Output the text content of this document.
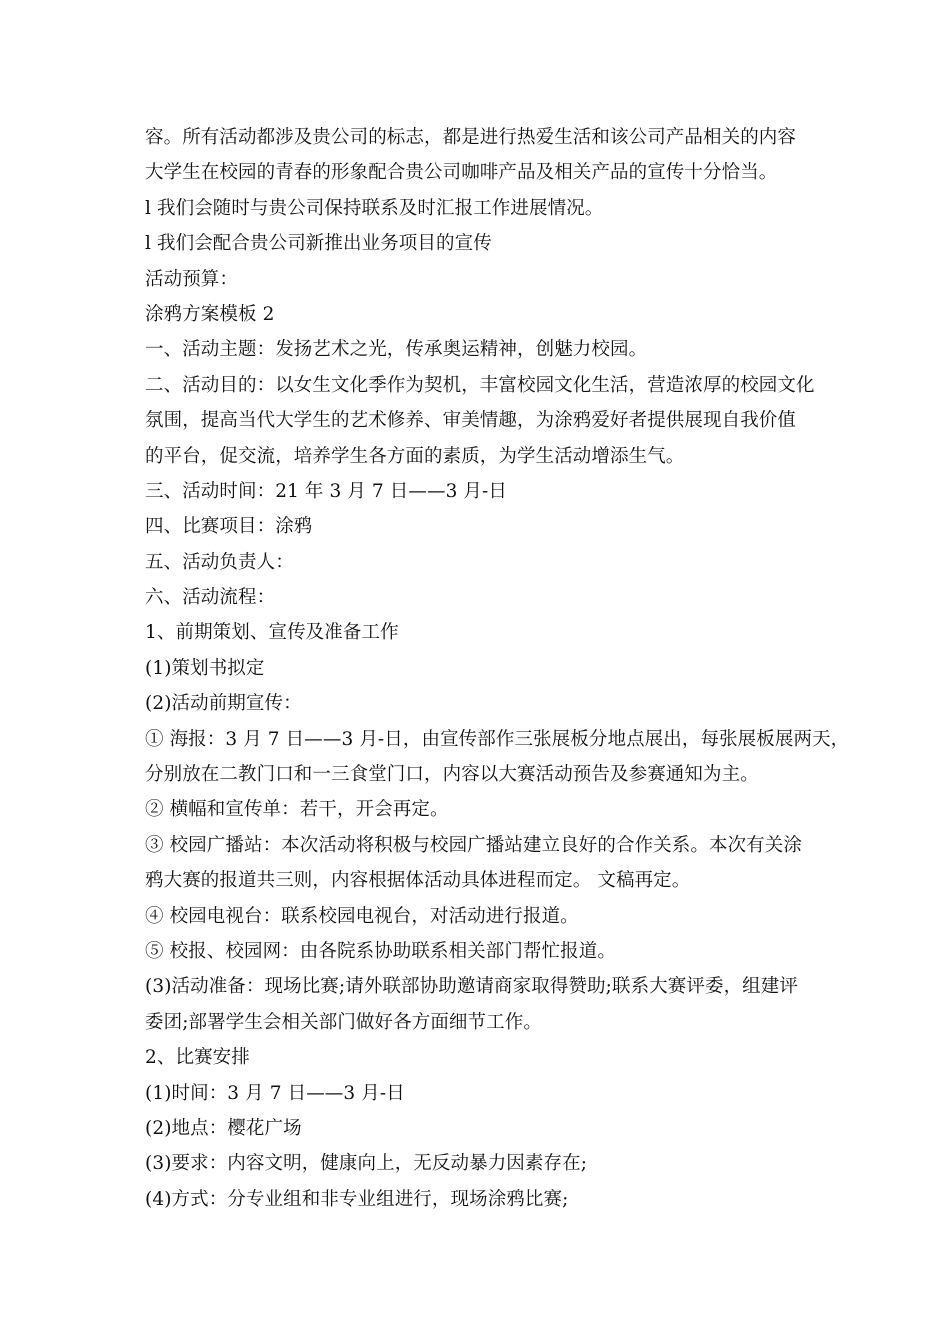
容。所有活动都涉及贵公司的标志，都是进行热爱生活和该公司产品相关的内容
大学生在校园的青春的形象配合贵公司咖啡产品及相关产品的宣传十分恰当。
l 我们会随时与贵公司保持联系及时汇报工作进展情况。
l 我们会配合贵公司新推出业务项目的宣传
活动预算：
涂鸦方案模板 2
一、活动主题：发扬艺术之光，传承奥运精神，创魅力校园。
二、活动目的：以女生文化季作为契机，丰富校园文化生活，营造浓厚的校园文化
氛围，提高当代大学生的艺术修养、审美情趣，为涂鸦爱好者提供展现自我价值
的平台，促交流，培养学生各方面的素质，为学生活动增添生气。
三、活动时间：21 年 3 月 7 日——3 月-日
四、比赛项目：涂鸦
五、活动负责人：
六、活动流程：
1、前期策划、宣传及准备工作
(1)策划书拟定
(2)活动前期宣传：
① 海报：3 月 7 日——3 月-日，由宣传部作三张展板分地点展出，每张展板展两天，
分别放在二教门口和一三食堂门口，内容以大赛活动预告及参赛通知为主。
② 横幅和宣传单：若干，开会再定。
③ 校园广播站：本次活动将积极与校园广播站建立良好的合作关系。本次有关涂
鸦大赛的报道共三则，内容根据体活动具体进程而定。 文稿再定。
④ 校园电视台：联系校园电视台，对活动进行报道。
⑤ 校报、校园网：由各院系协助联系相关部门帮忙报道。
(3)活动准备：现场比赛;请外联部协助邀请商家取得赞助;联系大赛评委，组建评
委团;部署学生会相关部门做好各方面细节工作。
2、比赛安排
(1)时间：3 月 7 日——3 月-日
(2)地点：樱花广场
(3)要求：内容文明，健康向上，无反动暴力因素存在;
(4)方式：分专业组和非专业组进行，现场涂鸦比赛;
